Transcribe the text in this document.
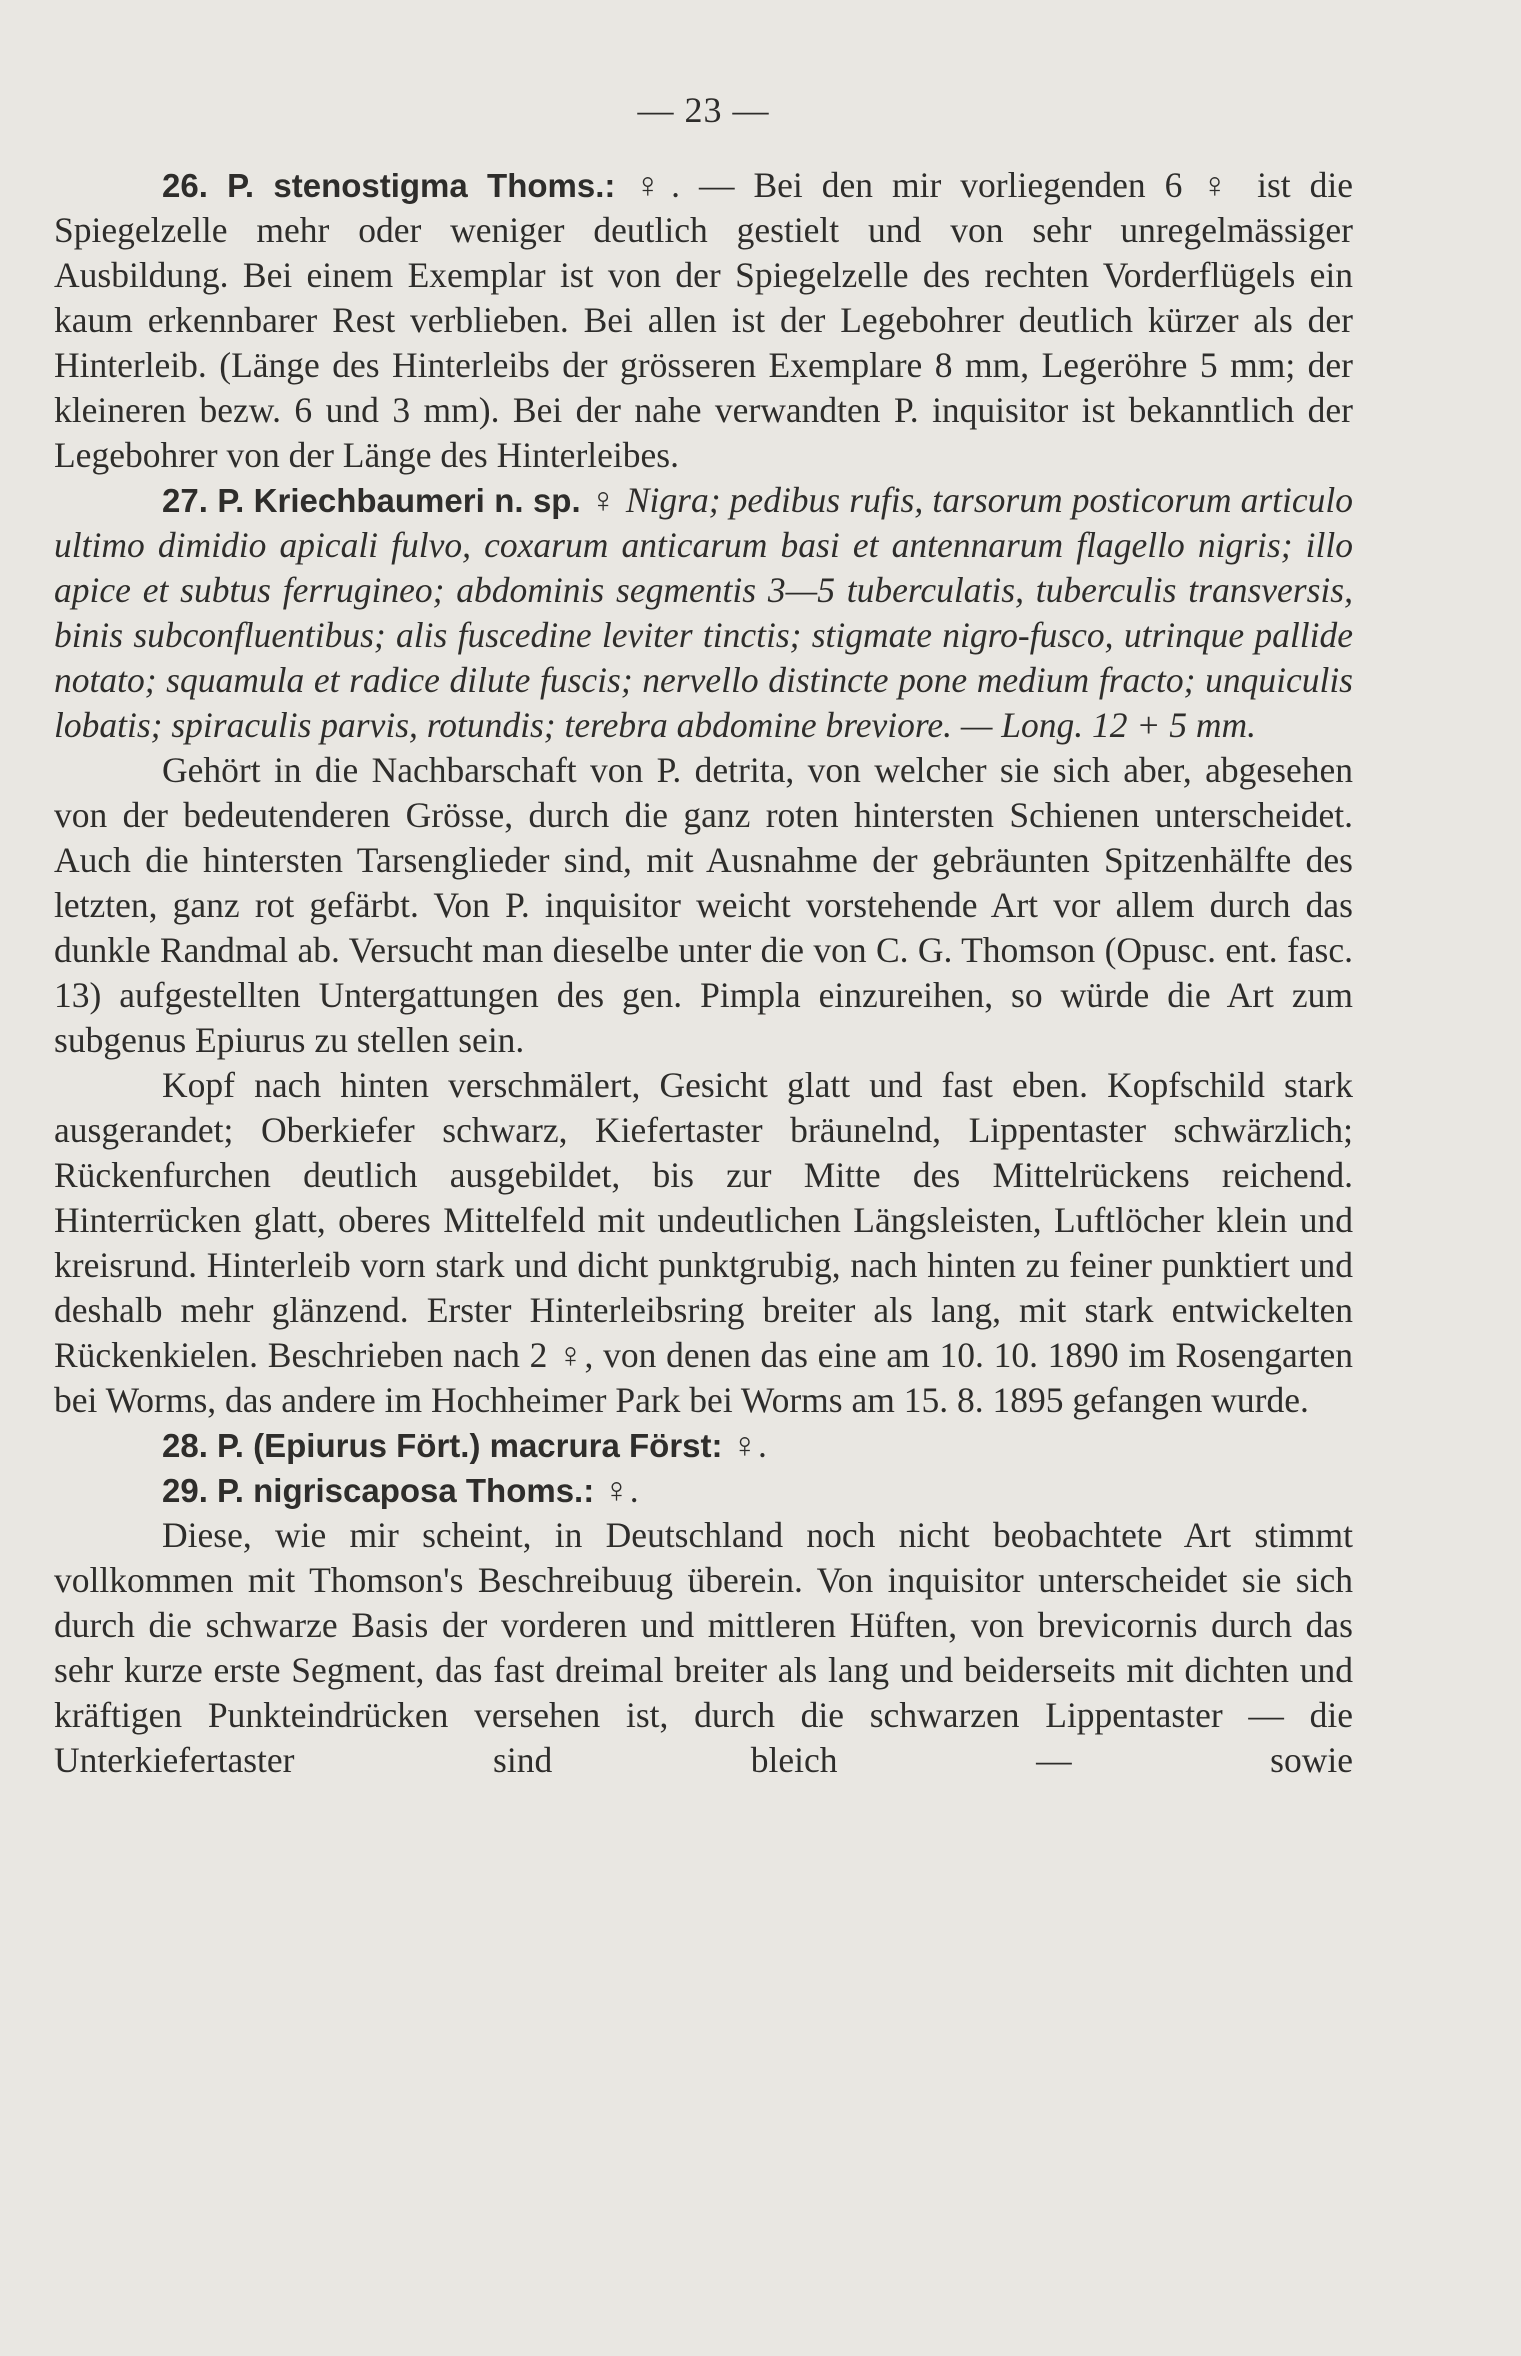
— 23 —

26. P. stenostigma Thoms.: ♀. — Bei den mir vorliegenden 6 ♀ ist die Spiegelzelle mehr oder weniger deutlich gestielt und von sehr unregelmässiger Ausbildung. Bei einem Exemplar ist von der Spiegelzelle des rechten Vorderflügels ein kaum erkennbarer Rest verblieben. Bei allen ist der Legebohrer deutlich kürzer als der Hinterleib. (Länge des Hinterleibs der grösseren Exemplare 8 mm, Legeröhre 5 mm; der kleineren bezw. 6 und 3 mm). Bei der nahe verwandten P. inquisitor ist bekanntlich der Legebohrer von der Länge des Hinterleibes.

27. P. Kriechbaumeri n. sp. ♀ Nigra; pedibus rufis, tarsorum posticorum articulo ultimo dimidio apicali fulvo, coxarum anticarum basi et antennarum flagello nigris; illo apice et subtus ferrugineo; abdominis segmentis 3—5 tuberculatis, tuberculis transversis, binis subconfluentibus; alis fuscedine leviter tinctis; stigmate nigro-fusco, utrinque pallide notato; squamula et radice dilute fuscis; nervello distincte pone medium fracto; unquiculis lobatis; spiraculis parvis, rotundis; terebra abdomine breviore. — Long. 12 + 5 mm.

Gehört in die Nachbarschaft von P. detrita, von welcher sie sich aber, abgesehen von der bedeutenderen Grösse, durch die ganz roten hintersten Schienen unterscheidet. Auch die hintersten Tarsenglieder sind, mit Ausnahme der gebräunten Spitzenhälfte des letzten, ganz rot gefärbt. Von P. inquisitor weicht vorstehende Art vor allem durch das dunkle Randmal ab. Versucht man dieselbe unter die von C. G. Thomson (Opusc. ent. fasc. 13) aufgestellten Untergattungen des gen. Pimpla einzureihen, so würde die Art zum subgenus Epiurus zu stellen sein.

Kopf nach hinten verschmälert, Gesicht glatt und fast eben. Kopfschild stark ausgerandet; Oberkiefer schwarz, Kiefertaster bräunelnd, Lippentaster schwärzlich; Rückenfurchen deutlich ausgebildet, bis zur Mitte des Mittelrückens reichend. Hinterrücken glatt, oberes Mittelfeld mit undeutlichen Längsleisten, Luftlöcher klein und kreisrund. Hinterleib vorn stark und dicht punktgrubig, nach hinten zu feiner punktiert und deshalb mehr glänzend. Erster Hinterleibsring breiter als lang, mit stark entwickelten Rückenkielen. Beschrieben nach 2 ♀, von denen das eine am 10. 10. 1890 im Rosengarten bei Worms, das andere im Hochheimer Park bei Worms am 15. 8. 1895 gefangen wurde.

28. P. (Epiurus Fört.) macrura Först: ♀.

29. P. nigriscaposa Thoms.: ♀.

Diese, wie mir scheint, in Deutschland noch nicht beobachtete Art stimmt vollkommen mit Thomson's Beschreibuug überein. Von inquisitor unterscheidet sie sich durch die schwarze Basis der vorderen und mittleren Hüften, von brevicornis durch das sehr kurze erste Segment, das fast dreimal breiter als lang und beiderseits mit dichten und kräftigen Punkteindrücken versehen ist, durch die schwarzen Lippentaster — die Unterkiefertaster sind bleich — sowie
